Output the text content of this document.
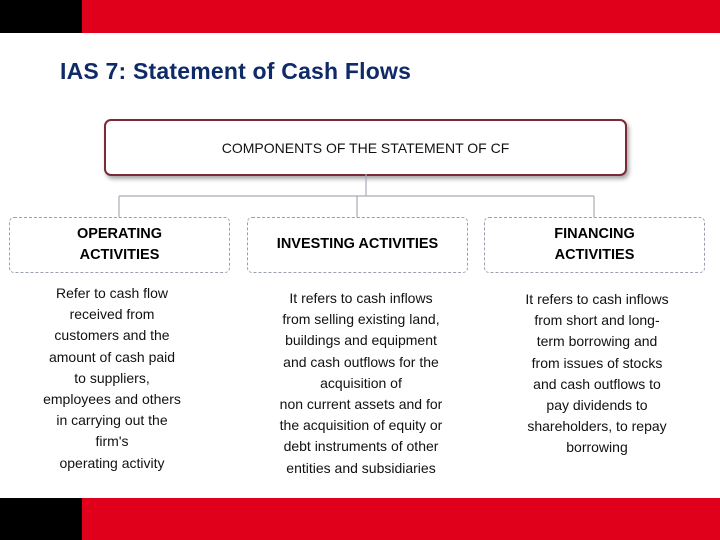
IAS 7: Statement of Cash Flows
COMPONENTS OF THE STATEMENT OF CF
OPERATING
ACTIVITIES
INVESTING ACTIVITIES
FINANCING
ACTIVITIES
Refer to cash flow
received from
customers and the
amount of cash paid
to suppliers,
employees and others
in carrying out the
firm's
operating activity
It refers to cash inflows
from selling existing land,
buildings and equipment
and cash outflows for the
acquisition of
non current assets and for
the acquisition of equity or
debt instruments of other
entities and subsidiaries
It refers to cash inflows
from short and long-
term borrowing and
from issues of stocks
and cash outflows to
pay dividends to
shareholders, to repay
borrowing
